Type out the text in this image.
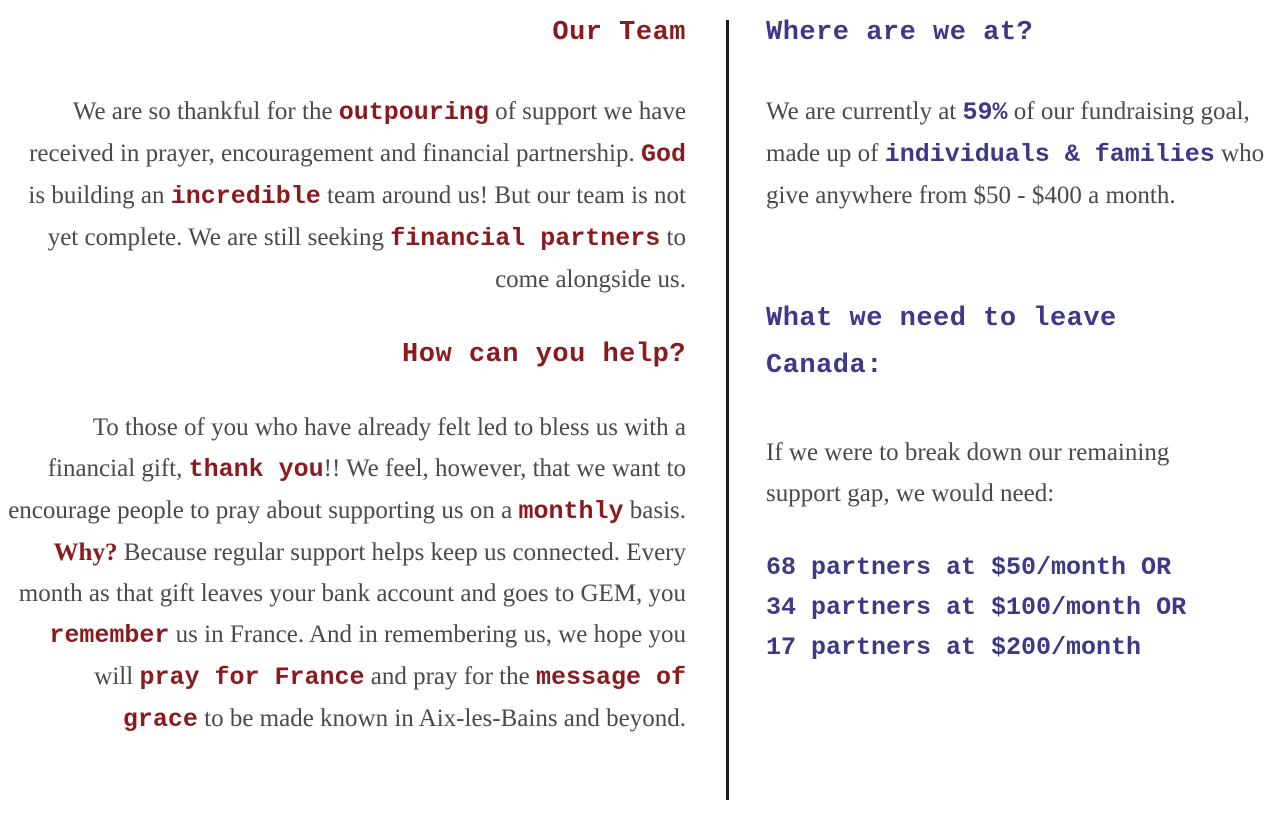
Our Team

We are so thankful for the outpouring of support we have received in prayer, encouragement and financial partnership. God is building an incredible team around us! But our team is not yet complete. We are still seeking financial partners to come alongside us.

How can you help?

To those of you who have already felt led to bless us with a financial gift, thank you!! We feel, however, that we want to encourage people to pray about supporting us on a monthly basis. Why? Because regular support helps keep us connected. Every month as that gift leaves your bank account and goes to GEM, you remember us in France. And in remembering us, we hope you will pray for France and pray for the message of grace to be made known in Aix-les-Bains and beyond.

Where are we at?

We are currently at 59% of our fundraising goal, made up of individuals & families who give anywhere from $50 - $400 a month.

What we need to leave Canada:

If we were to break down our remaining support gap, we would need:

68 partners at $50/month OR

34 partners at $100/month OR

17 partners at $200/month
